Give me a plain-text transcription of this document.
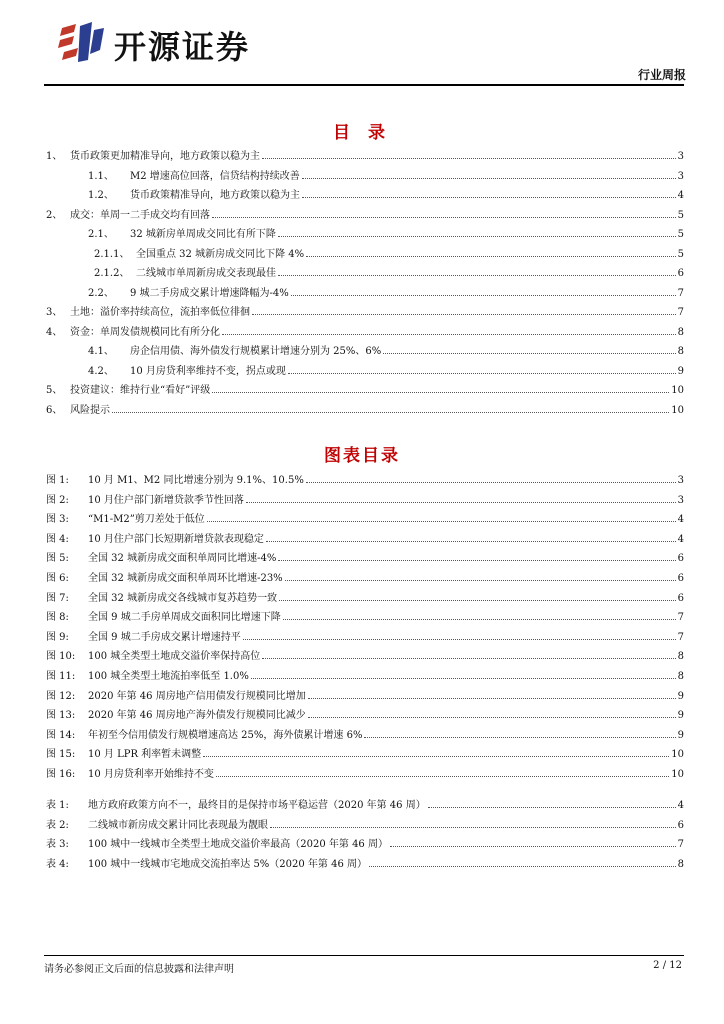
开源证券
行业周报
目 录
1、 货币政策更加精准导向，地方政策以稳为主	3
1.1、	M2 增速高位回落，信贷结构持续改善	3
1.2、	货币政策精准导向，地方政策以稳为主	4
2、 成交：单周一二手成交均有回落	5
2.1、	32 城新房单周成交同比有所下降	5
2.1.1、 全国重点 32 城新房成交同比下降 4%	5
2.1.2、 二线城市单周新房成交表现最佳	6
2.2、	9 城二手房成交累计增速降幅为-4%	7
3、 土地：溢价率持续高位，流拍率低位徘徊	7
4、 资金：单周发债规模同比有所分化	8
4.1、	房企信用债、海外债发行规模累计增速分别为 25%、6%	8
4.2、	10 月房贷利率维持不变，拐点或现	9
5、 投资建议：维持行业“看好”评级	10
6、 风险提示	10
图表目录
图 1:	10 月 M1、M2 同比增速分别为 9.1%、10.5%	3
图 2:	10 月住户部门新增贷款季节性回落	3
图 3:	“M1-M2”剪刀差处于低位	4
图 4:	10 月住户部门长短期新增贷款表现稳定	4
图 5:	全国 32 城新房成交面积单周同比增速-4%	6
图 6:	全国 32 城新房成交面积单周环比增速-23%	6
图 7:	全国 32 城新房成交各线城市复苏趋势一致	6
图 8:	全国 9 城二手房单周成交面积同比增速下降	7
图 9:	全国 9 城二手房成交累计增速持平	7
图 10:	100 城全类型土地成交溢价率保持高位	8
图 11:	100 城全类型土地流拍率低至 1.0%	8
图 12:	2020 年第 46 周房地产信用债发行规模同比增加	9
图 13:	2020 年第 46 周房地产海外债发行规模同比减少	9
图 14:	年初至今信用债发行规模增速高达 25%，海外债累计增速 6%	9
图 15:	10 月 LPR 利率暂未调整	10
图 16:	10 月房贷利率开始维持不变	10
表 1:	地方政府政策方向不一，最终目的是保持市场平稳运营（2020 年第 46 周）	4
表 2:	二线城市新房成交累计同比表现最为靓眼	6
表 3:	100 城中一线城市全类型土地成交溢价率最高（2020 年第 46 周）	7
表 4:	100 城中一线城市宅地成交流拍率达 5%（2020 年第 46 周）	8
请务必参阅正文后面的信息披露和法律声明	2 / 12
